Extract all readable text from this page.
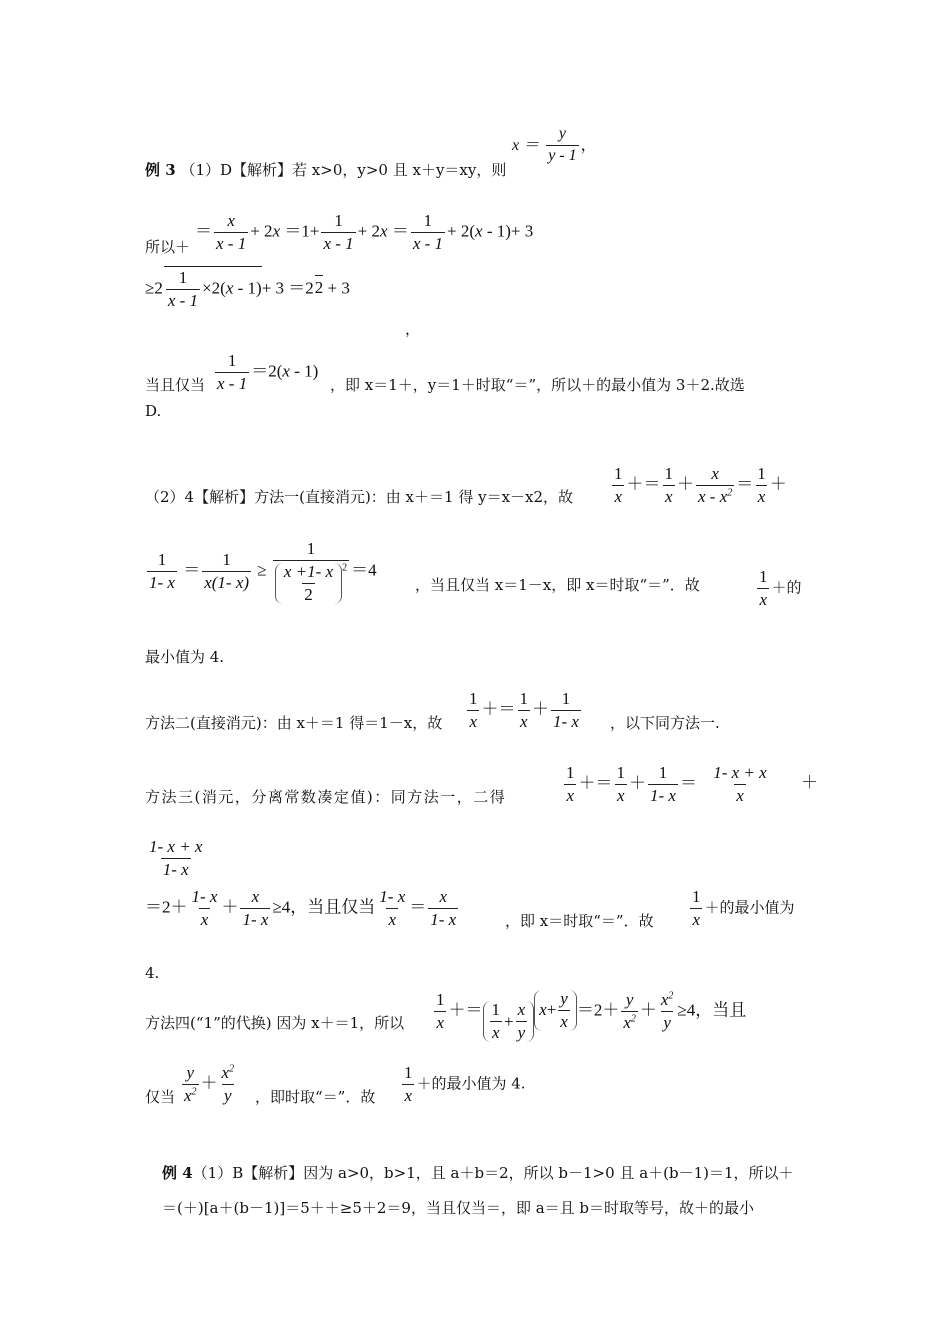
$x = \frac{y}{y - 1}$ ，
例 3 （1）D【解析】若 x>0，y>0 且 x＋y＝xy，则
＝ $\frac{x}{x - 1} + 2x =1+ \frac{1}{x - 1} + 2x = \frac{1}{x - 1} + 2(x - 1)+ 3$
所以＋
$\ge 2 \frac{1}{x - 1} \times 2(x - 1)+ 3 =22 + 3$
，
$\frac{1}{x - 1} =2(x - 1)$
当且仅当	，即 x＝1＋，y＝1＋时取“＝”，所以＋的最小值为 3＋2.故选
D.
（2）4【解析】方法一(直接消元)：由 x＋＝1 得 y＝x－x2，故 $\frac{1}{x} += \frac{1}{x} + \frac{x}{x - x^2} = \frac{1}{x}$ ＋
$\frac{1}{1- x} = \frac{1}{x(1- x)} \ge \frac{1}{\frac{x +1- x}{2} ^2} =4$
，当且仅当 x＝1－x，即 x＝时取“＝”．故	$\frac{1}{x}$ ＋的
最小值为 4.
方法二(直接消元)：由 x＋＝1 得＝1－x，故 $\frac{1}{x} += \frac{1}{x} + \frac{1}{1- x}$ ，以下同方法一.
方法三(消元，分离常数凑定值)：同方法一，二得	$\frac{1}{x} += \frac{1}{x} + \frac{1}{1- x} = \frac{1- x + x}{x}$ ＋
$\frac{1- x + x}{1- x}$
$=2+ \frac{1- x}{x} + \frac{x}{1- x} \ge 4$，当且仅当 $\frac{1- x}{x} = \frac{x}{1- x}$	，即 x＝时取“＝”．故 $\frac{1}{x}$ ＋的最小值为
4.
方法四(“1”的代换) 因为 x＋＝1，所以 $\frac{1}{x} += \frac{1}{x} + \frac{x}{y}$ $x + \frac{y}{x} =2+ \frac{y}{x^2} + \frac{x^2}{y} \ge 4$，当且
仅当 $\frac{y}{x^2} + \frac{x^2}{y}$ ，即时取“＝”．故 $\frac{1}{x}$ ＋的最小值为 4.
例 4（1）B【解析】因为 a>0，b>1，且 a＋b＝2，所以 b－1>0 且 a＋(b－1)＝1，所以＋
＝(＋)[a＋(b－1)]＝5＋＋≥5＋2＝9，当且仅当＝，即 a＝且 b＝时取等号，故＋的最小
